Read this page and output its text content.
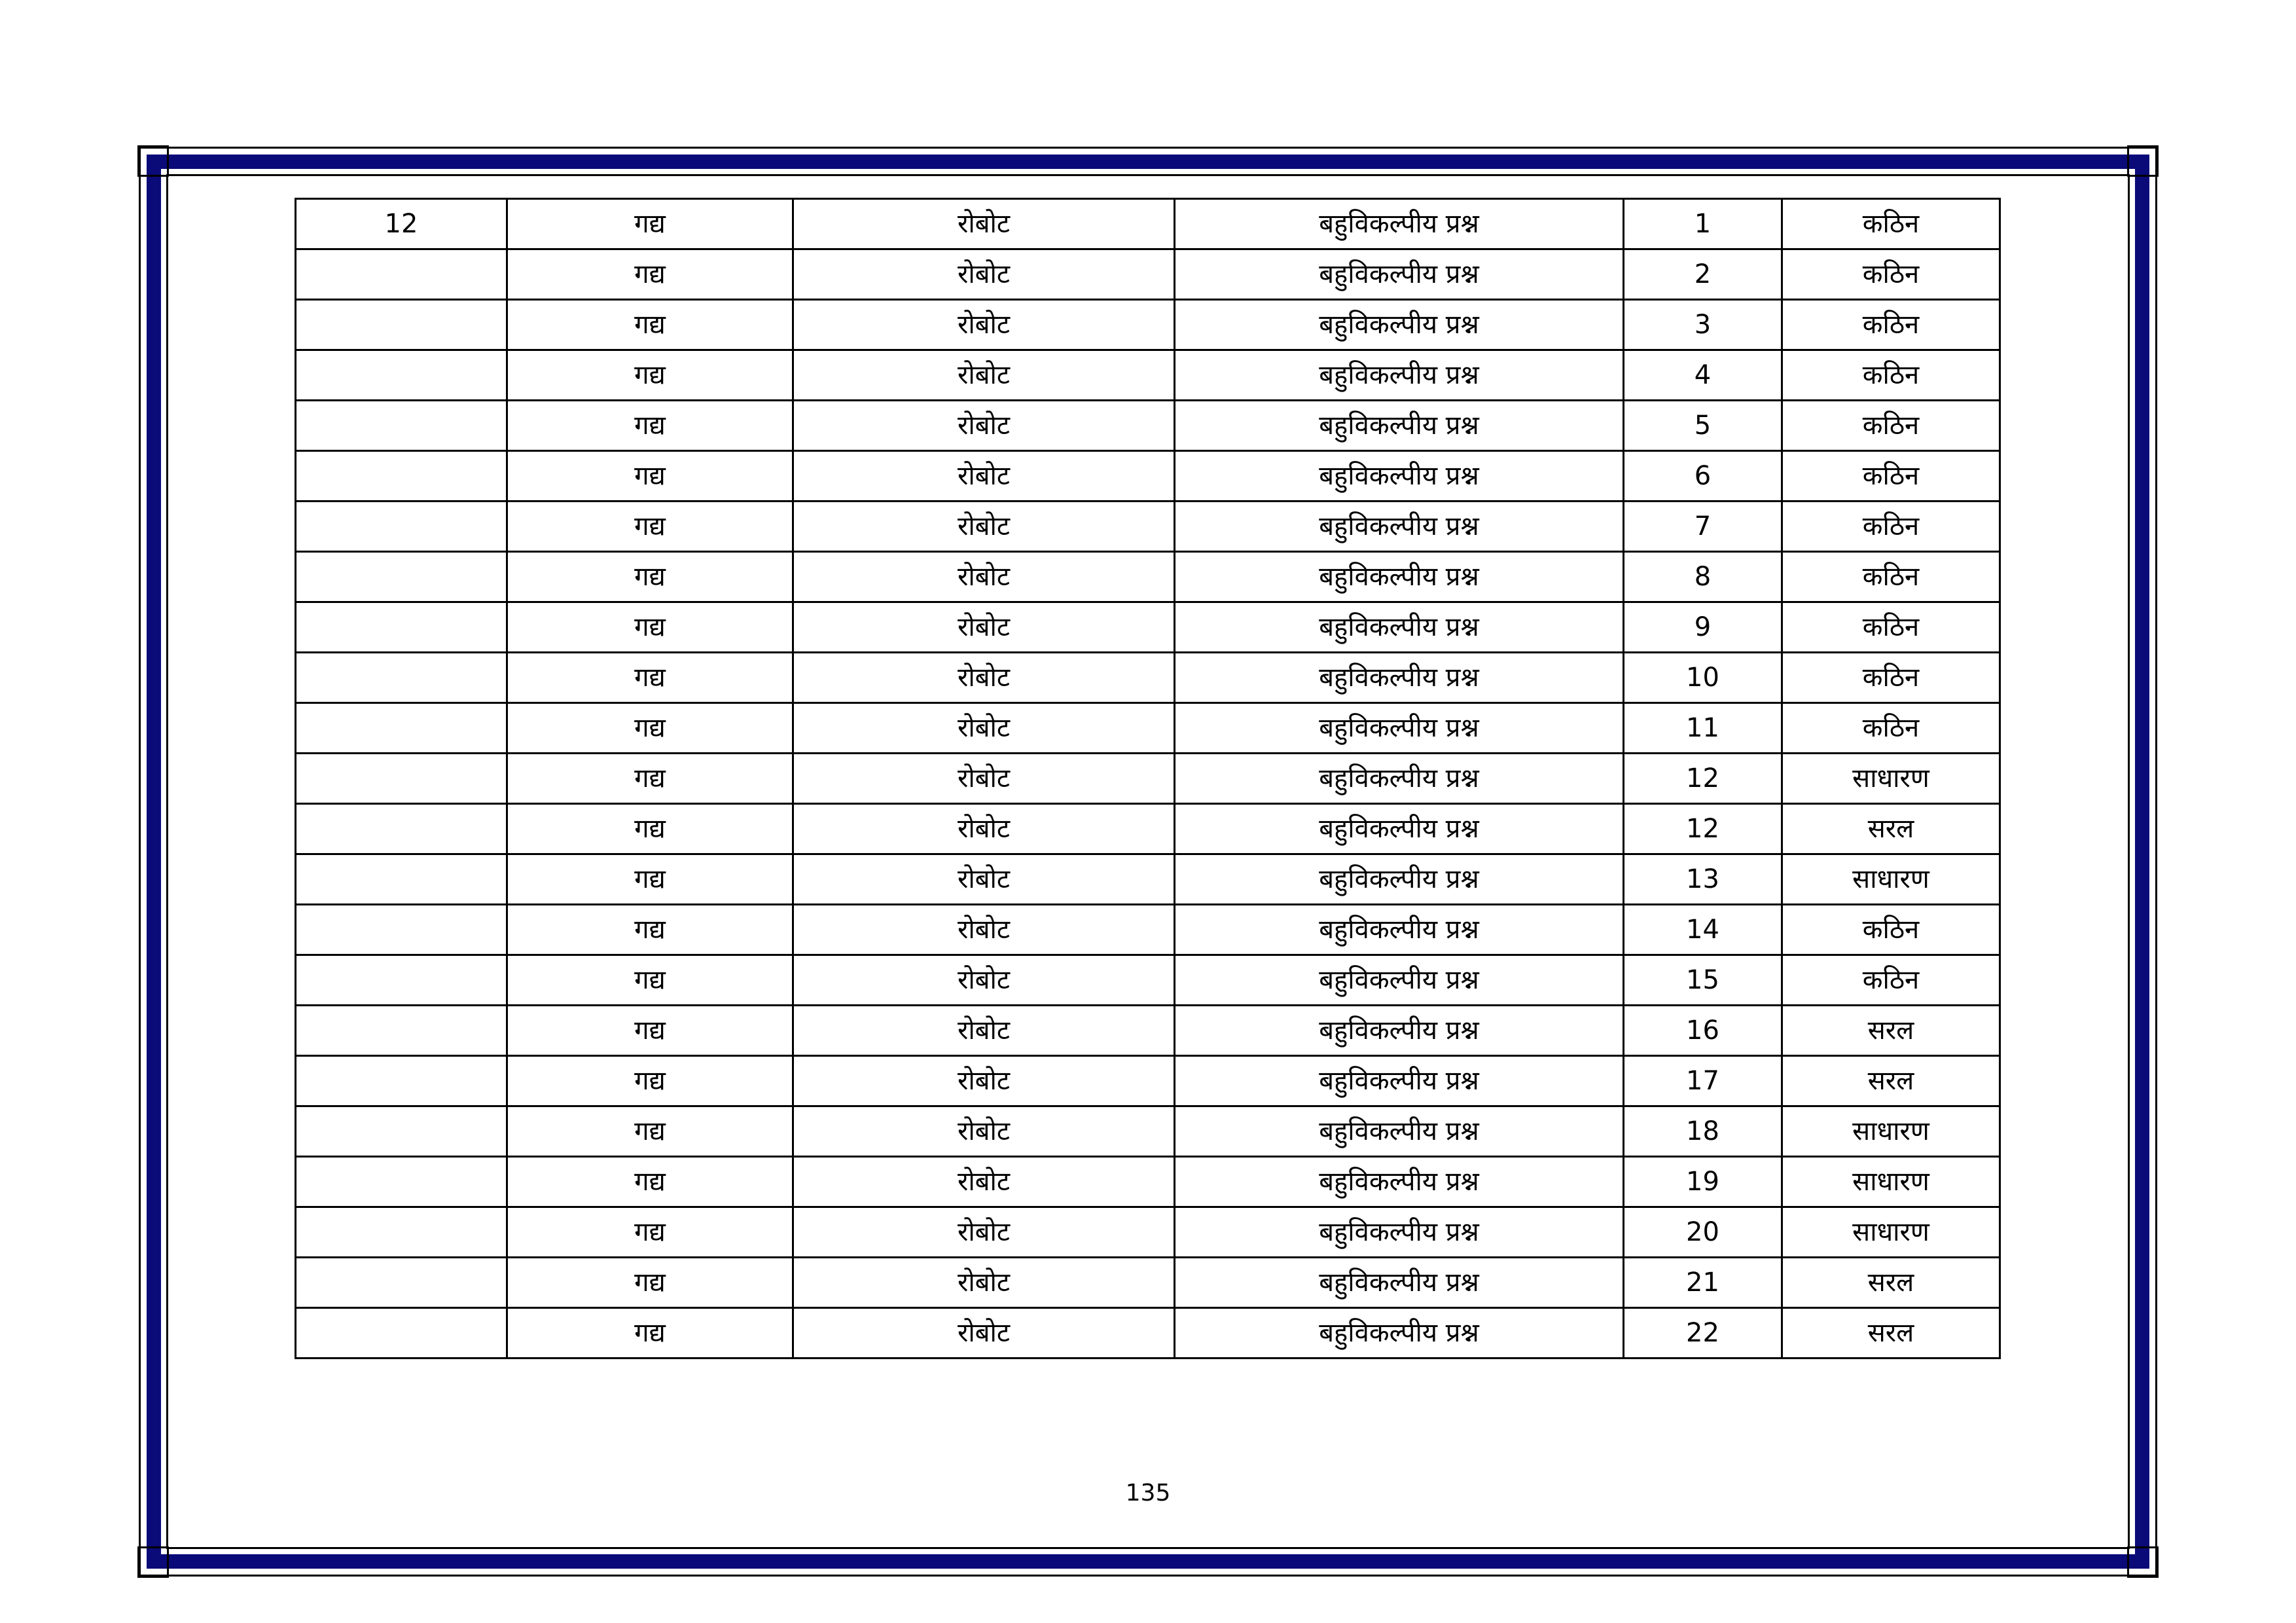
12	गद्य	रोबोट	बहुविकल्पीय प्रश्न	1	कठिन
	गद्य	रोबोट	बहुविकल्पीय प्रश्न	2	कठिन
	गद्य	रोबोट	बहुविकल्पीय प्रश्न	3	कठिन
	गद्य	रोबोट	बहुविकल्पीय प्रश्न	4	कठिन
	गद्य	रोबोट	बहुविकल्पीय प्रश्न	5	कठिन
	गद्य	रोबोट	बहुविकल्पीय प्रश्न	6	कठिन
	गद्य	रोबोट	बहुविकल्पीय प्रश्न	7	कठिन
	गद्य	रोबोट	बहुविकल्पीय प्रश्न	8	कठिन
	गद्य	रोबोट	बहुविकल्पीय प्रश्न	9	कठिन
	गद्य	रोबोट	बहुविकल्पीय प्रश्न	10	कठिन
	गद्य	रोबोट	बहुविकल्पीय प्रश्न	11	कठिन
	गद्य	रोबोट	बहुविकल्पीय प्रश्न	12	साधारण
	गद्य	रोबोट	बहुविकल्पीय प्रश्न	12	सरल
	गद्य	रोबोट	बहुविकल्पीय प्रश्न	13	साधारण
	गद्य	रोबोट	बहुविकल्पीय प्रश्न	14	कठिन
	गद्य	रोबोट	बहुविकल्पीय प्रश्न	15	कठिन
	गद्य	रोबोट	बहुविकल्पीय प्रश्न	16	सरल
	गद्य	रोबोट	बहुविकल्पीय प्रश्न	17	सरल
	गद्य	रोबोट	बहुविकल्पीय प्रश्न	18	साधारण
	गद्य	रोबोट	बहुविकल्पीय प्रश्न	19	साधारण
	गद्य	रोबोट	बहुविकल्पीय प्रश्न	20	साधारण
	गद्य	रोबोट	बहुविकल्पीय प्रश्न	21	सरल
	गद्य	रोबोट	बहुविकल्पीय प्रश्न	22	सरल
135
